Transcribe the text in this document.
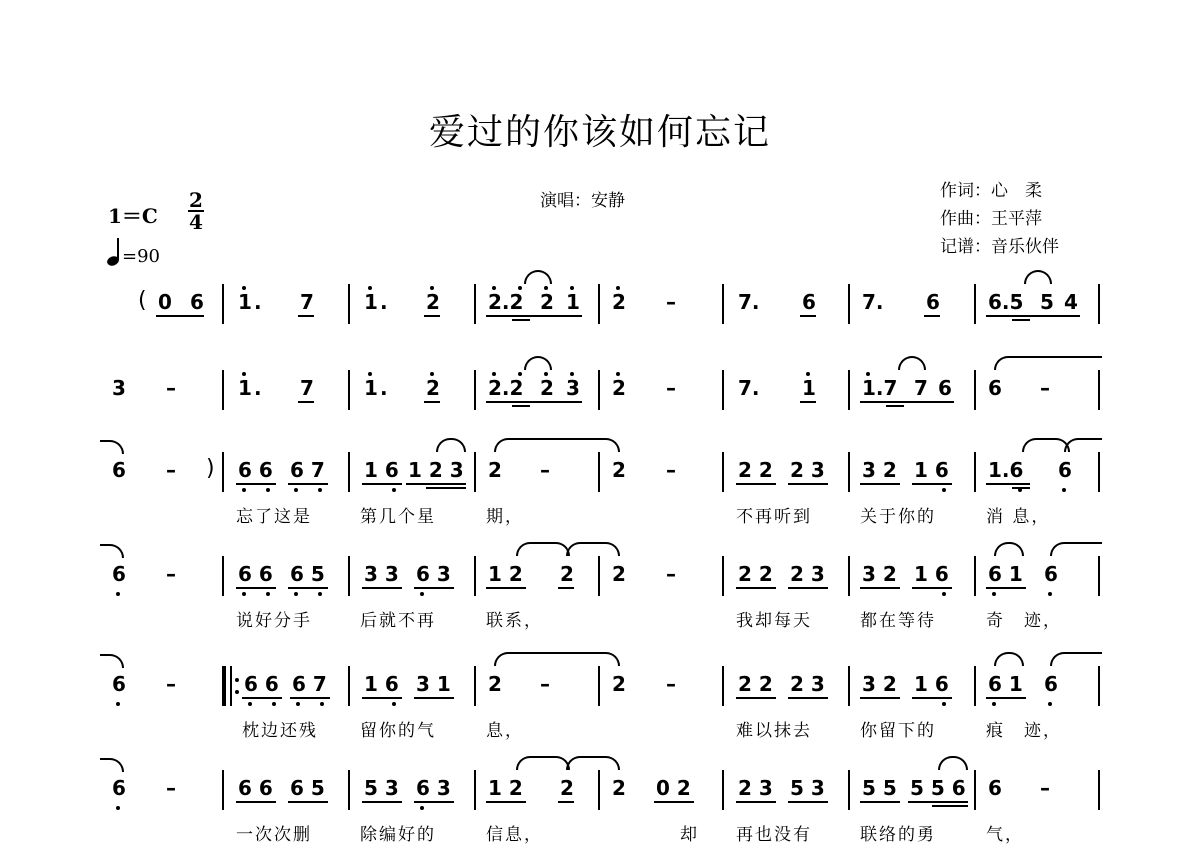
爱过的你该如何忘记
演唱：安静	作词：心　柔
作曲：王平萍
记谱：音乐伙伴
1＝C
2
4
=90
( 0 6 1 . 7	1 . 2 2.2 2 1 2 –	7. 6 7. 6 6.5 5 4
3 –	1 . 7	1 . 2 2.2 2 3 2 –	7. 1 1.7 7 6 6 –
6 – ) 6 6 6 7 1 6 1 2 3 2 –	2 –	2 2 2 3 3 2 1 6 1.6 6
忘了这是	第几个星	期，	不再听到	关于你的	消 息，
6 –	6 6 6 5 3 3 6 3 1 2 2 2 –	2 2 2 3 3 2 1 6 6 1 6
说好分手	后就不再	联系，	我却每天	都在等待	奇　迹，
6 –	6 6 6 7 1 6 3 1 2 –	2 –	2 2 2 3 3 2 1 6 6 1 6
枕边还残 留你的气	息，	难以抹去	你留下的	痕　迹，
6 –	6 6 6 5 5 3 6 3 1 2 2 2 0 2 2 3 5 3 5 5 5 5 6 6 –
一次次删	除编好的	信息，	却 再也没有	联络的勇	气，
